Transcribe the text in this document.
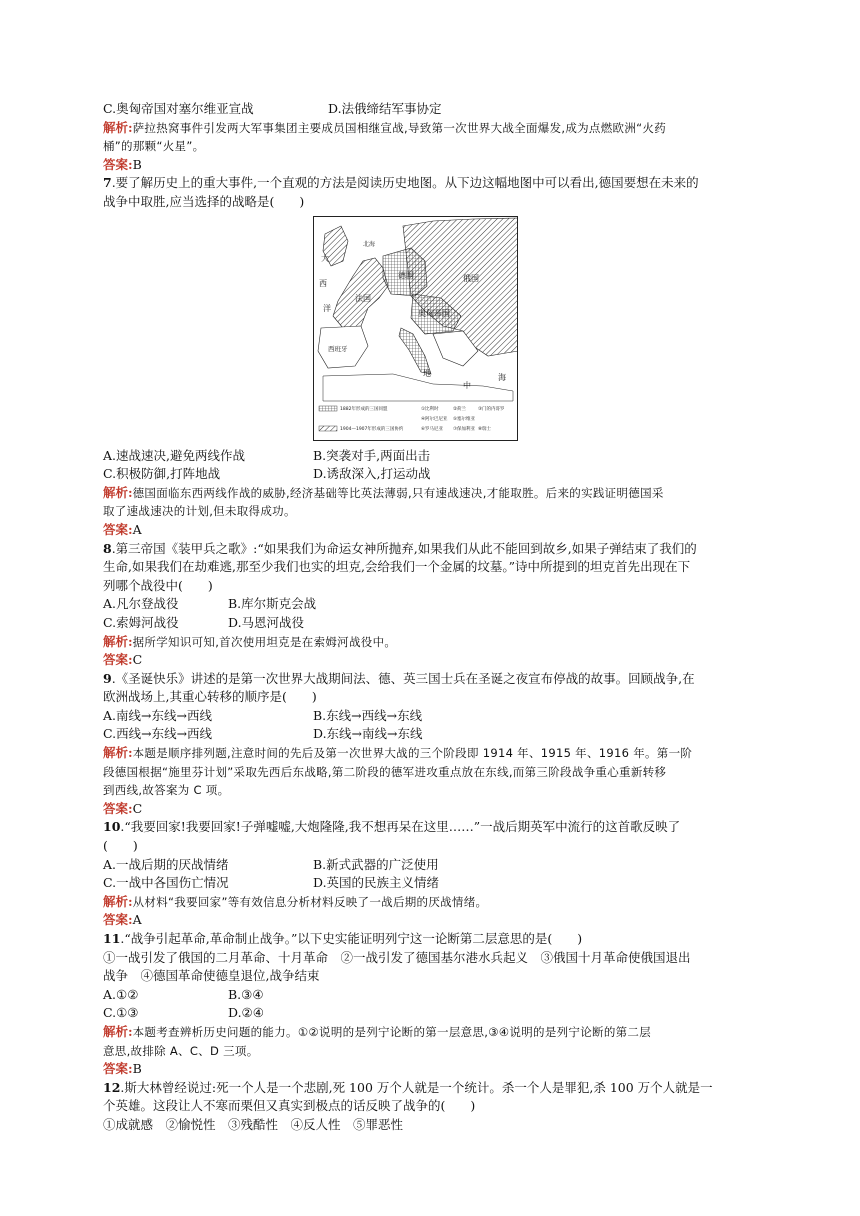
C.奥匈帝国对塞尔维亚宣战	D.法俄缔结军事协定
解析:萨拉热窝事件引发两大军事集团主要成员国相继宣战,导致第一次世界大战全面爆发,成为点燃欧洲“火药
桶”的那颗“火星”。
答案:B
7.要了解历史上的重大事件,一个直观的方法是阅读历史地图。从下边这幅地图中可以看出,德国要想在未来的
战争中取胜,应当选择的战略是(　　)
大
西
洋
北海
德国	俄国
法国
奥匈帝国
西班牙
地
中
海
1882年形成的三国同盟
1904—1907年形成的三国协约
①比利时	②荷兰	③门的内哥罗
④阿尔巴尼亚 ⑤塞尔维亚
⑥罗马尼亚 ⑦保加利亚 ⑧瑞士
A.速战速决,避免两线作战	B.突袭对手,两面出击
C.积极防御,打阵地战	D.诱敌深入,打运动战
解析:德国面临东西两线作战的威胁,经济基础等比英法薄弱,只有速战速决,才能取胜。后来的实践证明德国采
取了速战速决的计划,但未取得成功。
答案:A
8.第三帝国《装甲兵之歌》:“如果我们为命运女神所抛弃,如果我们从此不能回到故乡,如果子弹结束了我们的
生命,如果我们在劫难逃,那至少我们也实的坦克,会给我们一个金属的坟墓。”诗中所提到的坦克首先出现在下
列哪个战役中(　　)
A.凡尔登战役	B.库尔斯克会战
C.索姆河战役	D.马恩河战役
解析:据所学知识可知,首次使用坦克是在索姆河战役中。
答案:C
9.《圣诞快乐》讲述的是第一次世界大战期间法、德、英三国士兵在圣诞之夜宣布停战的故事。回顾战争,在
欧洲战场上,其重心转移的顺序是(　　)
A.南线→东线→西线	B.东线→西线→东线
C.西线→东线→西线	D.东线→南线→东线
解析:本题是顺序排列题,注意时间的先后及第一次世界大战的三个阶段即 1914 年、1915 年、1916 年。第一阶
段德国根据“施里芬计划”采取先西后东战略,第二阶段的德军进攻重点放在东线,而第三阶段战争重心重新转移
到西线,故答案为 C 项。
答案:C
10.“我要回家!我要回家!子弹嘘嘘,大炮隆隆,我不想再呆在这里……”一战后期英军中流行的这首歌反映了
(　　)
A.一战后期的厌战情绪	B.新式武器的广泛使用
C.一战中各国伤亡情况	D.英国的民族主义情绪
解析:从材料“我要回家”等有效信息分析材料反映了一战后期的厌战情绪。
答案:A
11.“战争引起革命,革命制止战争。”以下史实能证明列宁这一论断第二层意思的是(　　)
①一战引发了俄国的二月革命、十月革命　②一战引发了德国基尔港水兵起义　③俄国十月革命使俄国退出
战争　④德国革命使德皇退位,战争结束
A.①②	B.③④
C.①③	D.②④
解析:本题考查辨析历史问题的能力。①②说明的是列宁论断的第一层意思,③④说明的是列宁论断的第二层
意思,故排除 A、C、D 三项。
答案:B
12.斯大林曾经说过:死一个人是一个悲剧,死 100 万个人就是一个统计。杀一个人是罪犯,杀 100 万个人就是一
个英雄。这段让人不寒而栗但又真实到极点的话反映了战争的(　　)
①成就感　②愉悦性　③残酷性　④反人性　⑤罪恶性
